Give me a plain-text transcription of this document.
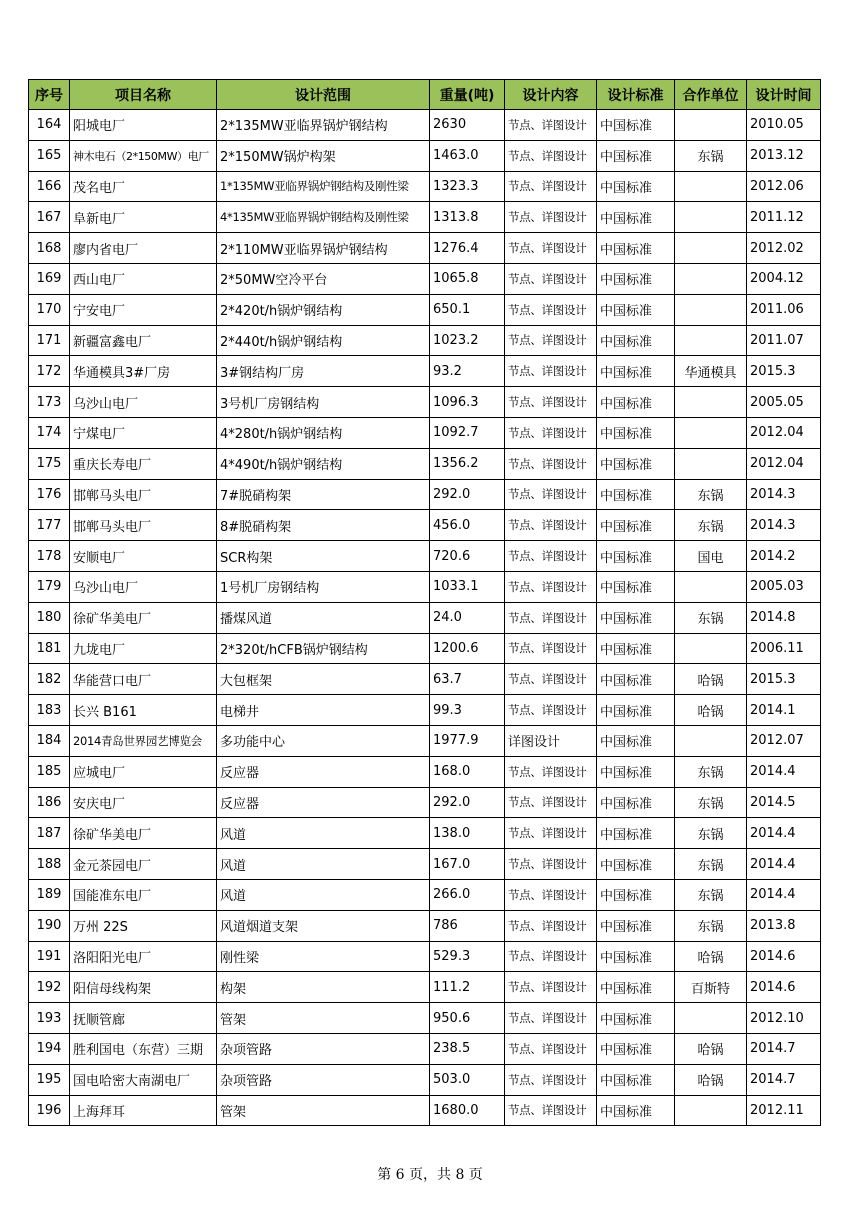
序号	项目名称	设计范围	重量(吨)	设计内容	设计标准	合作单位	设计时间
164	阳城电厂	2*135MW亚临界锅炉钢结构	2630	节点、详图设计	中国标准		2010.05
165	神木电石（2*150MW）电厂	2*150MW锅炉构架	1463.0	节点、详图设计	中国标准	东锅	2013.12
166	茂名电厂	1*135MW亚临界锅炉钢结构及刚性梁	1323.3	节点、详图设计	中国标准		2012.06
167	阜新电厂	4*135MW亚临界锅炉钢结构及刚性梁	1313.8	节点、详图设计	中国标准		2011.12
168	廖内省电厂	2*110MW亚临界锅炉钢结构	1276.4	节点、详图设计	中国标准		2012.02
169	西山电厂	2*50MW空冷平台	1065.8	节点、详图设计	中国标准		2004.12
170	宁安电厂	2*420t/h锅炉钢结构	650.1	节点、详图设计	中国标准		2011.06
171	新疆富鑫电厂	2*440t/h锅炉钢结构	1023.2	节点、详图设计	中国标准		2011.07
172	华通模具3#厂房	3#钢结构厂房	93.2	节点、详图设计	中国标准	华通模具	2015.3
173	乌沙山电厂	3号机厂房钢结构	1096.3	节点、详图设计	中国标准		2005.05
174	宁煤电厂	4*280t/h锅炉钢结构	1092.7	节点、详图设计	中国标准		2012.04
175	重庆长寿电厂	4*490t/h锅炉钢结构	1356.2	节点、详图设计	中国标准		2012.04
176	邯郸马头电厂	7#脱硝构架	292.0	节点、详图设计	中国标准	东锅	2014.3
177	邯郸马头电厂	8#脱硝构架	456.0	节点、详图设计	中国标准	东锅	2014.3
178	安顺电厂	SCR构架	720.6	节点、详图设计	中国标准	国电	2014.2
179	乌沙山电厂	1号机厂房钢结构	1033.1	节点、详图设计	中国标准		2005.03
180	徐矿华美电厂	播煤风道	24.0	节点、详图设计	中国标准	东锅	2014.8
181	九垅电厂	2*320t/hCFB锅炉钢结构	1200.6	节点、详图设计	中国标准		2006.11
182	华能营口电厂	大包框架	63.7	节点、详图设计	中国标准	哈锅	2015.3
183	长兴 B161	电梯井	99.3	节点、详图设计	中国标准	哈锅	2014.1
184	2014青岛世界园艺博览会	多功能中心	1977.9	详图设计	中国标准		2012.07
185	应城电厂	反应器	168.0	节点、详图设计	中国标准	东锅	2014.4
186	安庆电厂	反应器	292.0	节点、详图设计	中国标准	东锅	2014.5
187	徐矿华美电厂	风道	138.0	节点、详图设计	中国标准	东锅	2014.4
188	金元茶园电厂	风道	167.0	节点、详图设计	中国标准	东锅	2014.4
189	国能准东电厂	风道	266.0	节点、详图设计	中国标准	东锅	2014.4
190	万州 22S	风道烟道支架	786	节点、详图设计	中国标准	东锅	2013.8
191	洛阳阳光电厂	刚性梁	529.3	节点、详图设计	中国标准	哈锅	2014.6
192	阳信母线构架	构架	111.2	节点、详图设计	中国标准	百斯特	2014.6
193	抚顺管廊	管架	950.6	节点、详图设计	中国标准		2012.10
194	胜利国电（东营）三期	杂项管路	238.5	节点、详图设计	中国标准	哈锅	2014.7
195	国电哈密大南湖电厂	杂项管路	503.0	节点、详图设计	中国标准	哈锅	2014.7
196	上海拜耳	管架	1680.0	节点、详图设计	中国标准		2012.11
第 6 页，共 8 页
